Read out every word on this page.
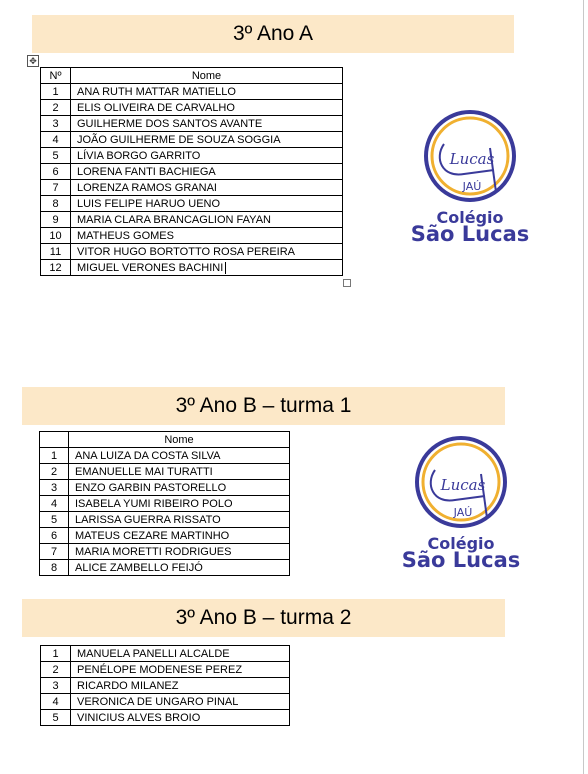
3º Ano A
✥
Nº	Nome
1	ANA RUTH MATTAR MATIELLO
2	ELIS OLIVEIRA DE CARVALHO
3	GUILHERME DOS SANTOS AVANTE
4	JOÃO GUILHERME DE SOUZA SOGGIA
5	LÍVIA BORGO GARRITO
6	LORENA FANTI BACHIEGA
7	LORENZA RAMOS GRANAI
8	LUIS FELIPE HARUO UENO
9	MARIA CLARA BRANCAGLION FAYAN
10	MATHEUS GOMES
11	VITOR HUGO BORTOTTO ROSA PEREIRA
12	MIGUEL VERONES BACHINI
Lucas
JAÚ
Colégio
São Lucas
3º Ano B – turma 1
	Nome
1	ANA LUIZA DA COSTA SILVA
2	EMANUELLE MAI TURATTI
3	ENZO GARBIN PASTORELLO
4	ISABELA YUMI RIBEIRO POLO
5	LARISSA GUERRA RISSATO
6	MATEUS CEZARE MARTINHO
7	MARIA MORETTI RODRIGUES
8	ALICE ZAMBELLO FEIJÓ
Lucas
JAÚ
Colégio
São Lucas
3º Ano B – turma 2
1	MANUELA PANELLI ALCALDE
2	PENÉLOPE MODENESE PEREZ
3	RICARDO MILANEZ
4	VERONICA DE UNGARO PINAL
5	VINICIUS ALVES BROIO
